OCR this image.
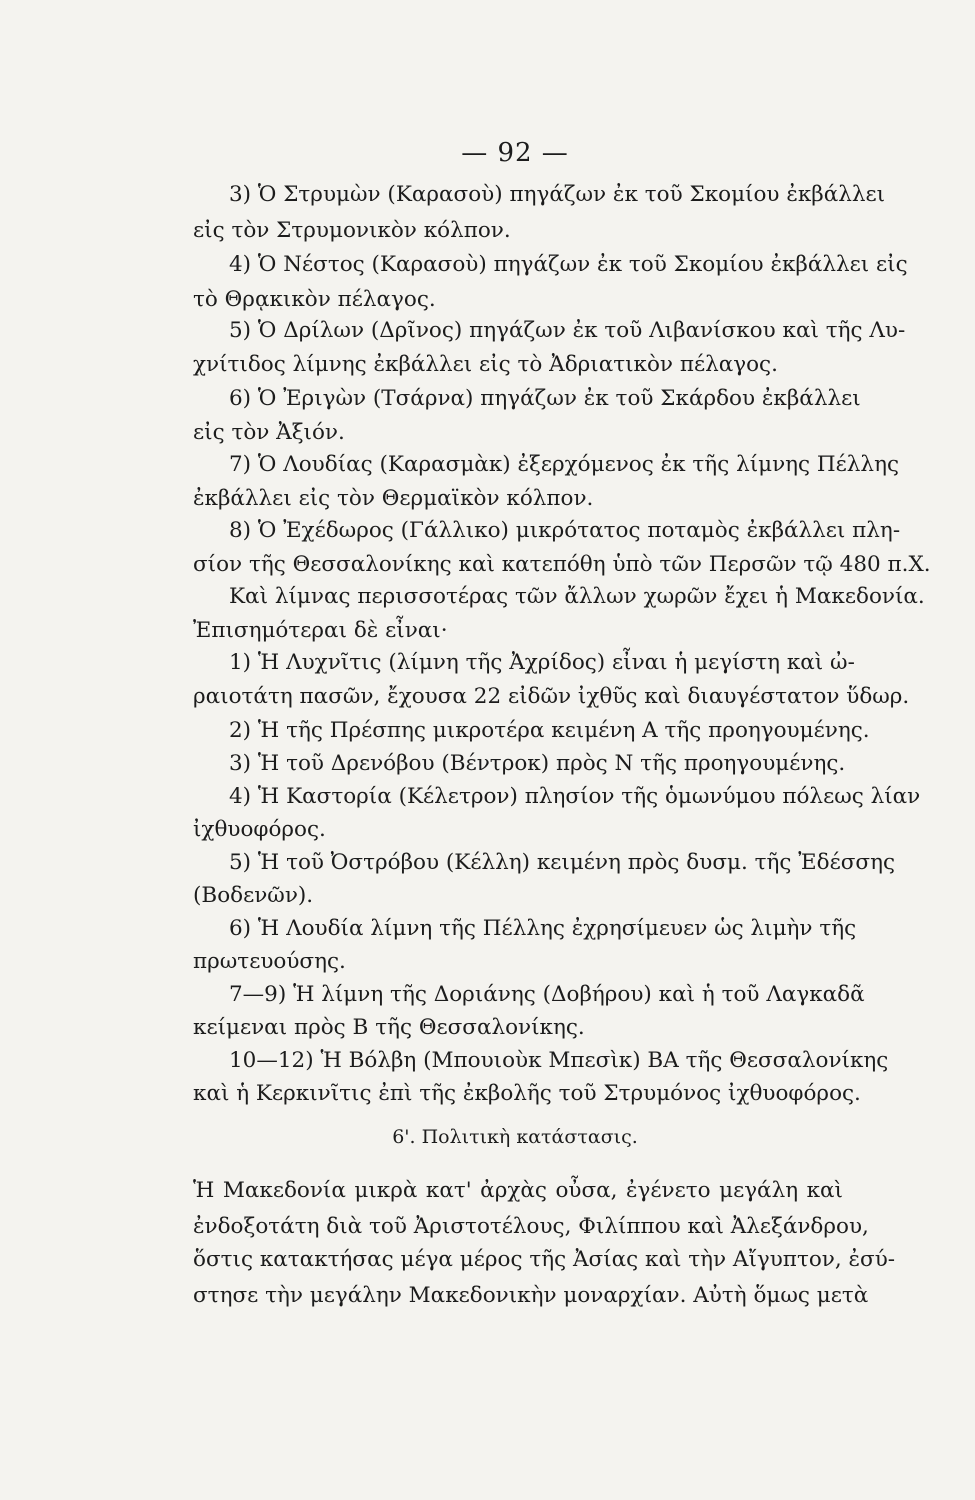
— 92 —
3) Ὁ Στρυμὼν (Καρασοὺ) πηγάζων ἐκ τοῦ Σκομίου ἐκβάλλει
εἰς τὸν Στρυμονικὸν κόλπον.
4) Ὁ Νέστος (Καρασοὺ) πηγάζων ἐκ τοῦ Σκομίου ἐκβάλλει εἰς
τὸ Θρᾳκικὸν πέλαγος.
5) Ὁ Δρίλων (Δρῖνος) πηγάζων ἐκ τοῦ Λιβανίσκου καὶ τῆς Λυ-
χνίτιδος λίμνης ἐκβάλλει εἰς τὸ Ἀδριατικὸν πέλαγος.
6) Ὁ Ἐριγὼν (Τσάρνα) πηγάζων ἐκ τοῦ Σκάρδου ἐκβάλλει
εἰς τὸν Ἀξιόν.
7) Ὁ Λουδίας (Καρασμὰκ) ἐξερχόμενος ἐκ τῆς λίμνης Πέλλης
ἐκβάλλει εἰς τὸν Θερμαϊκὸν κόλπον.
8) Ὁ Ἐχέδωρος (Γάλλικο) μικρότατος ποταμὸς ἐκβάλλει πλη-
σίον τῆς Θεσσαλονίκης καὶ κατεπόθη ὑπὸ τῶν Περσῶν τῷ 480 π.Χ.
Καὶ λίμνας περισσοτέρας τῶν ἄλλων χωρῶν ἔχει ἡ Μακεδονία.
Ἐπισημότεραι δὲ εἶναι·
1) Ἡ Λυχνῖτις (λίμνη τῆς Ἀχρίδος) εἶναι ἡ μεγίστη καὶ ὠ-
ραιοτάτη πασῶν, ἔχουσα 22 εἰδῶν ἰχθῦς καὶ διαυγέστατον ὕδωρ.
2) Ἡ τῆς Πρέσπης μικροτέρα κειμένη Α τῆς προηγουμένης.
3) Ἡ τοῦ Δρενόβου (Βέντροκ) πρὸς Ν τῆς προηγουμένης.
4) Ἡ Καστορία (Κέλετρον) πλησίον τῆς ὁμωνύμου πόλεως λίαν
ἰχθυοφόρος.
5) Ἡ τοῦ Ὀστρόβου (Κέλλη) κειμένη πρὸς δυσμ. τῆς Ἐδέσσης
(Βοδενῶν).
6) Ἡ Λουδία λίμνη τῆς Πέλλης ἐχρησίμευεν ὡς λιμὴν τῆς
πρωτευούσης.
7—9) Ἡ λίμνη τῆς Δοριάνης (Δοβήρου) καὶ ἡ τοῦ Λαγκαδᾶ
κείμεναι πρὸς Β τῆς Θεσσαλονίκης.
10—12) Ἡ Βόλβη (Μπουιοὺκ Μπεσὶκ) ΒΑ τῆς Θεσσαλονίκης
καὶ ἡ Κερκινῖτις ἐπὶ τῆς ἐκβολῆς τοῦ Στρυμόνος ἰχθυοφόρος.
6'. Πολιτικὴ κατάστασις.
Ἡ Μακεδονία μικρὰ κατ' ἀρχὰς οὖσα, ἐγένετο μεγάλη καὶ
ἐνδοξοτάτη διὰ τοῦ Ἀριστοτέλους, Φιλίππου καὶ Ἀλεξάνδρου,
ὅστις κατακτήσας μέγα μέρος τῆς Ἀσίας καὶ τὴν Αἴγυπτον, ἐσύ-
στησε τὴν μεγάλην Μακεδονικὴν μοναρχίαν. Αὐτὴ ὅμως μετὰ
